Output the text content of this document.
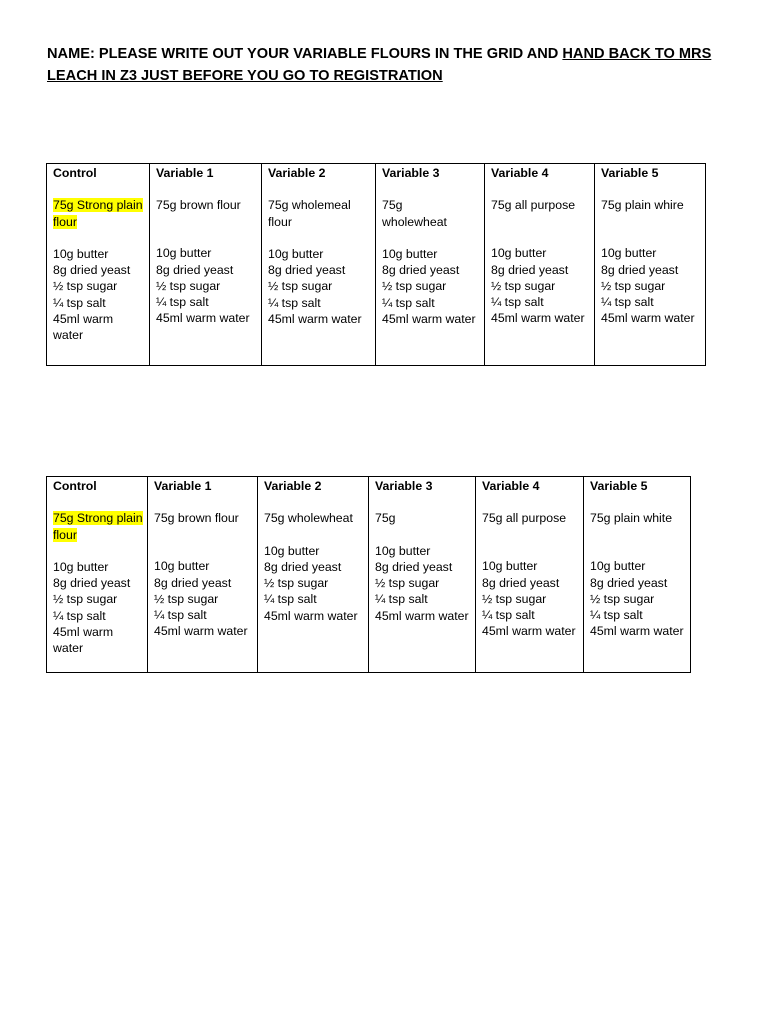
NAME: PLEASE WRITE OUT YOUR VARIABLE FLOURS IN THE GRID AND HAND BACK TO MRS LEACH IN Z3 JUST BEFORE YOU GO TO REGISTRATION
Control
75g Strong plain flour
10g butter
8g dried yeast
½ tsp sugar
¼ tsp salt
45ml warm water

Variable 1
75g brown flour
10g butter
8g dried yeast
½ tsp sugar
¼ tsp salt
45ml warm water

Variable 2
75g wholemeal flour
10g butter
8g dried yeast
½ tsp sugar
¼ tsp salt
45ml warm water

Variable 3
75g wholewheat
10g butter
8g dried yeast
½ tsp sugar
¼ tsp salt
45ml warm water

Variable 4
75g all purpose
10g butter
8g dried yeast
½ tsp sugar
¼ tsp salt
45ml warm water

Variable 5
75g plain whire
10g butter
8g dried yeast
½ tsp sugar
¼ tsp salt
45ml warm water
Control
75g Strong plain flour
10g butter
8g dried yeast
½ tsp sugar
¼ tsp salt
45ml warm water

Variable 1
75g brown flour
10g butter
8g dried yeast
½ tsp sugar
¼ tsp salt
45ml warm water

Variable 2
75g wholewheat
10g butter
8g dried yeast
½ tsp sugar
¼ tsp salt
45ml warm water

Variable 3
75g
10g butter
8g dried yeast
½ tsp sugar
¼ tsp salt
45ml warm water

Variable 4
75g all purpose
10g butter
8g dried yeast
½ tsp sugar
¼ tsp salt
45ml warm water

Variable 5
75g plain white
10g butter
8g dried yeast
½ tsp sugar
¼ tsp salt
45ml warm water
